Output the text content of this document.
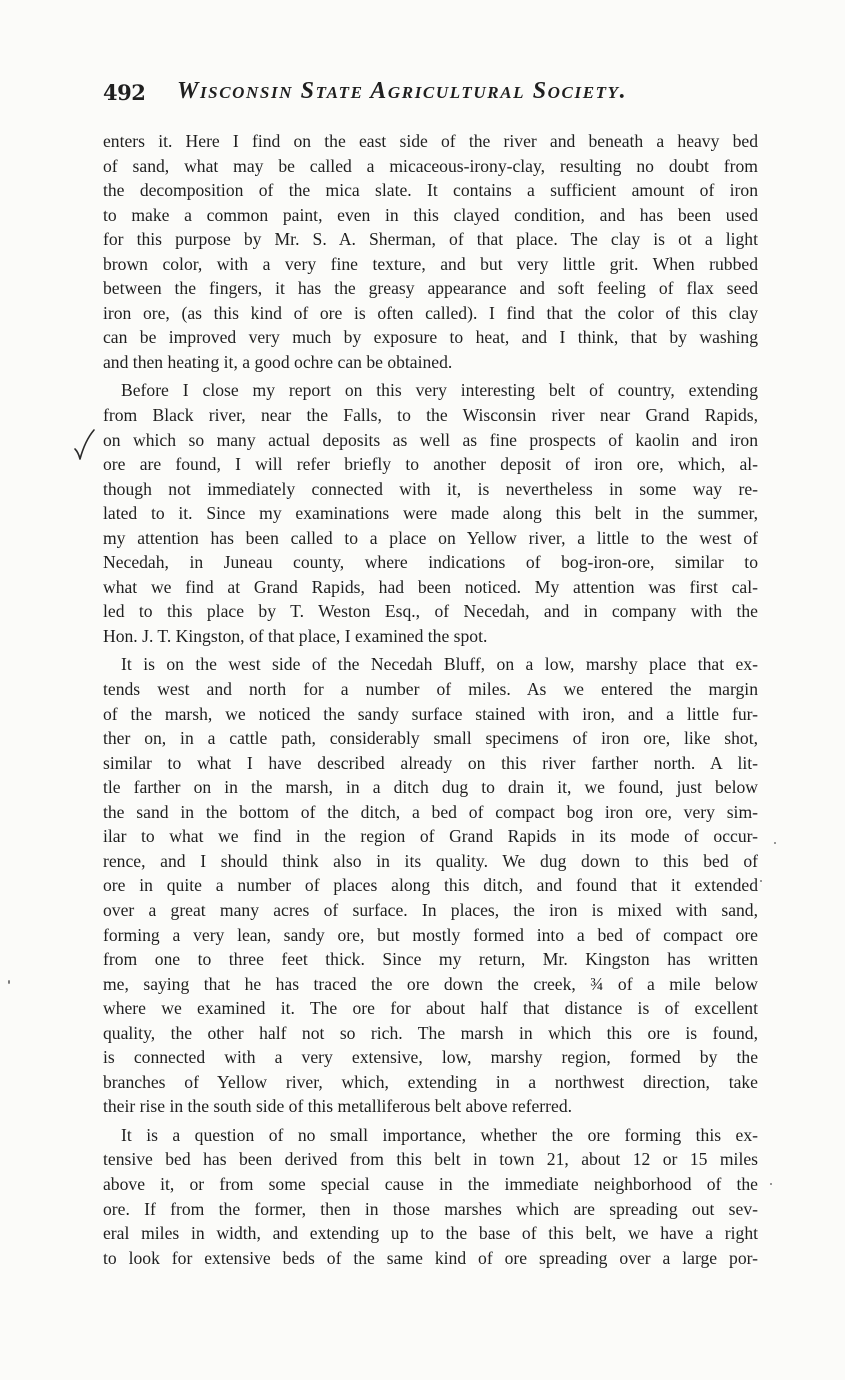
492 Wisconsin State Agricultural Society.
enters it. Here I find on the east side of the river and beneath a heavy bed
of sand, what may be called a micaceous-irony-clay, resulting no doubt from
the decomposition of the mica slate. It contains a sufficient amount of iron
to make a common paint, even in this clayed condition, and has been used
for this purpose by Mr. S. A. Sherman, of that place. The clay is ot a light
brown color, with a very fine texture, and but very little grit. When rubbed
between the fingers, it has the greasy appearance and soft feeling of flax seed
iron ore, (as this kind of ore is often called). I find that the color of this clay
can be improved very much by exposure to heat, and I think, that by washing
and then heating it, a good ochre can be obtained.
Before I close my report on this very interesting belt of country, extending
from Black river, near the Falls, to the Wisconsin river near Grand Rapids,
on which so many actual deposits as well as fine prospects of kaolin and iron
ore are found, I will refer briefly to another deposit of iron ore, which, al-
though not immediately connected with it, is nevertheless in some way re-
lated to it. Since my examinations were made along this belt in the summer,
my attention has been called to a place on Yellow river, a little to the west of
Necedah, in Juneau county, where indications of bog-iron-ore, similar to
what we find at Grand Rapids, had been noticed. My attention was first cal-
led to this place by T. Weston Esq., of Necedah, and in company with the
Hon. J. T. Kingston, of that place, I examined the spot.
It is on the west side of the Necedah Bluff, on a low, marshy place that ex-
tends west and north for a number of miles. As we entered the margin
of the marsh, we noticed the sandy surface stained with iron, and a little fur-
ther on, in a cattle path, considerably small specimens of iron ore, like shot,
similar to what I have described already on this river farther north. A lit-
tle farther on in the marsh, in a ditch dug to drain it, we found, just below
the sand in the bottom of the ditch, a bed of compact bog iron ore, very sim-
ilar to what we find in the region of Grand Rapids in its mode of occur-
rence, and I should think also in its quality. We dug down to this bed of
ore in quite a number of places along this ditch, and found that it extended
over a great many acres of surface. In places, the iron is mixed with sand,
forming a very lean, sandy ore, but mostly formed into a bed of compact ore
from one to three feet thick. Since my return, Mr. Kingston has written
me, saying that he has traced the ore down the creek, ¾ of a mile below
where we examined it. The ore for about half that distance is of excellent
quality, the other half not so rich. The marsh in which this ore is found,
is connected with a very extensive, low, marshy region, formed by the
branches of Yellow river, which, extending in a northwest direction, take
their rise in the south side of this metalliferous belt above referred.
It is a question of no small importance, whether the ore forming this ex-
tensive bed has been derived from this belt in town 21, about 12 or 15 miles
above it, or from some special cause in the immediate neighborhood of the
ore. If from the former, then in those marshes which are spreading out sev-
eral miles in width, and extending up to the base of this belt, we have a right
to look for extensive beds of the same kind of ore spreading over a large por-
